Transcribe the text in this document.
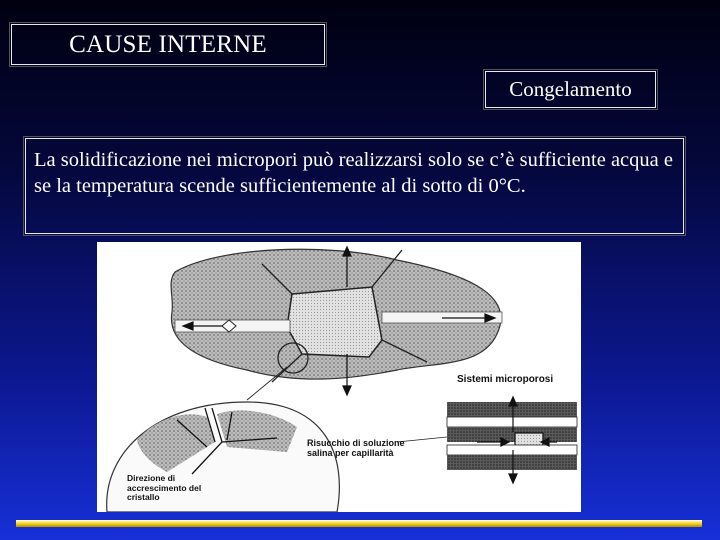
CAUSE INTERNE
Congelamento
La solidificazione nei micropori può realizzarsi solo se c’è sufficiente acqua e se la temperatura scende sufficientemente al di sotto di 0°C.
Sistemi microporosi
Risucchio di soluzione
salina per capillarità
Direzione di
accrescimento del
cristallo
